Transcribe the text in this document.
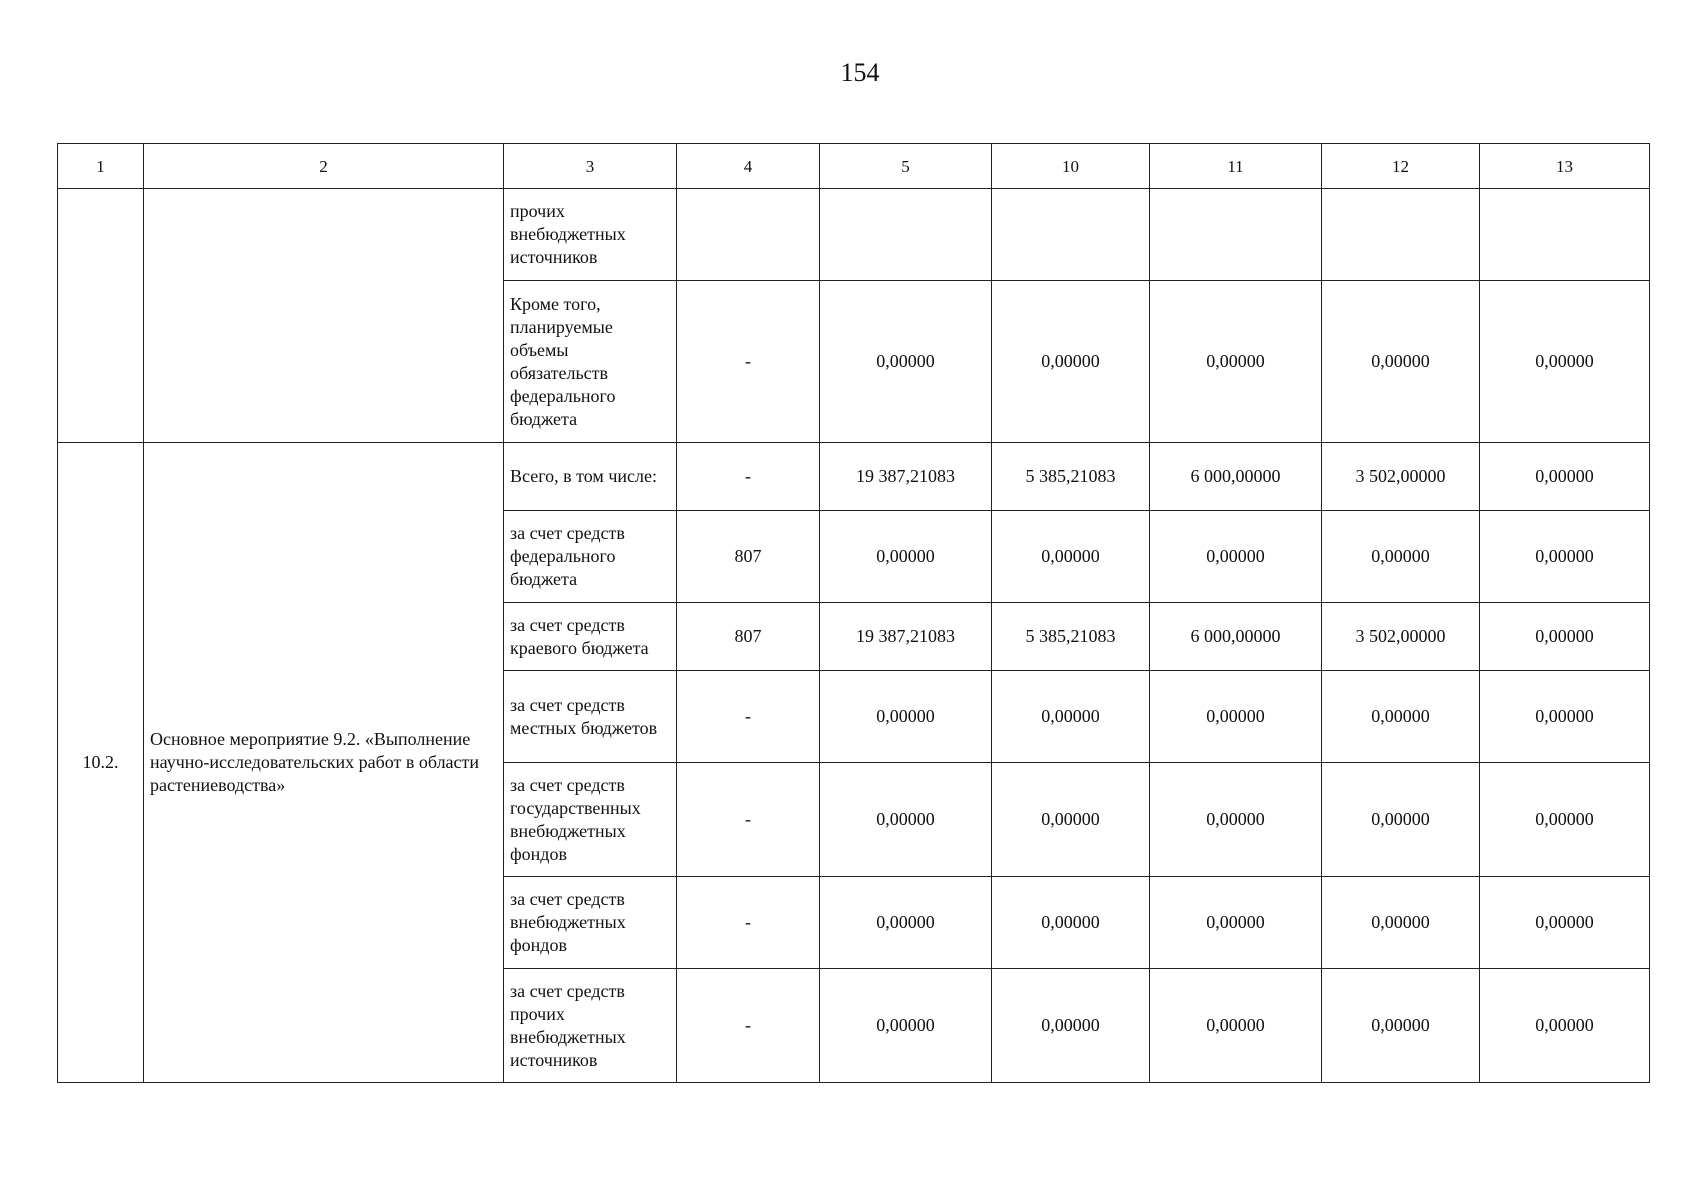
154
1	2	3	4	5	10	11	12	13
		прочих внебюджетных источников						
		Кроме того, планируемые объемы обязательств федерального бюджета	-	0,00000	0,00000	0,00000	0,00000	0,00000
10.2.	Основное мероприятие 9.2. «Выполнение научно-исследовательских работ в области растениеводства»	Всего, в том числе:	-	19 387,21083	5 385,21083	6 000,00000	3 502,00000	0,00000
		за счет средств федерального бюджета	807	0,00000	0,00000	0,00000	0,00000	0,00000
		за счет средств краевого бюджета	807	19 387,21083	5 385,21083	6 000,00000	3 502,00000	0,00000
		за счет средств местных бюджетов	-	0,00000	0,00000	0,00000	0,00000	0,00000
		за счет средств государственных внебюджетных фондов	-	0,00000	0,00000	0,00000	0,00000	0,00000
		за счет средств внебюджетных фондов	-	0,00000	0,00000	0,00000	0,00000	0,00000
		за счет средств прочих внебюджетных источников	-	0,00000	0,00000	0,00000	0,00000	0,00000
